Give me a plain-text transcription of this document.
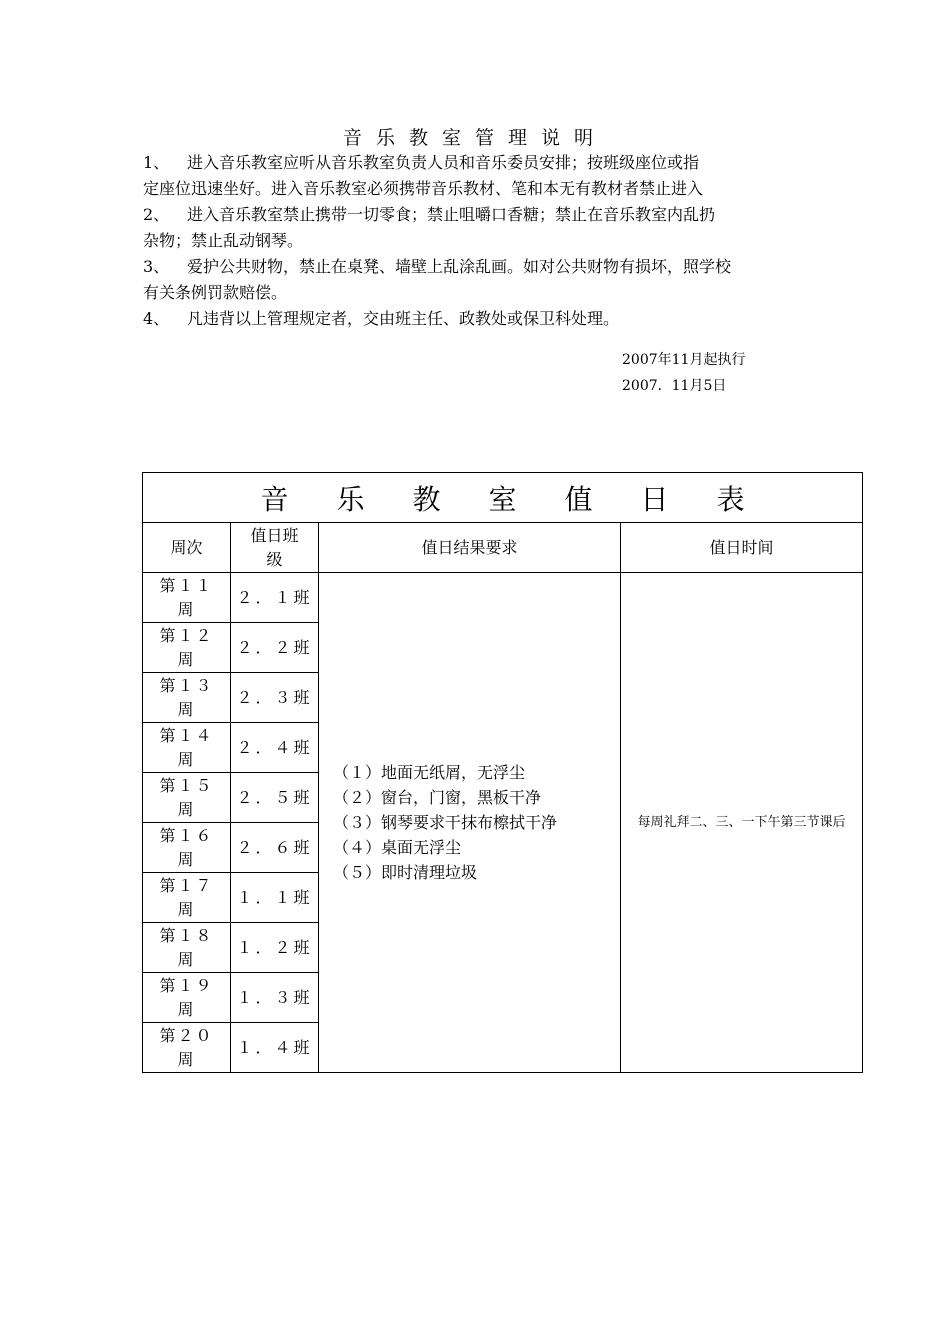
音乐教室管理说明

1、 进入音乐教室应听从音乐教室负责人员和音乐委员安排；按班级座位或指

定座位迅速坐好。进入音乐教室必须携带音乐教材、笔和本无有教材者禁止进入

2、 进入音乐教室禁止携带一切零食；禁止咀嚼口香糖；禁止在音乐教室内乱扔

杂物；禁止乱动钢琴。

3、 爱护公共财物，禁止在桌凳、墙壁上乱涂乱画。如对公共财物有损坏，照学校

有关条例罚款赔偿。

4、 凡违背以上管理规定者，交由班主任、政教处或保卫科处理。

2007年11月起执行
2007．11月5日
音乐教室值日表			
周次	值日班级	值日结果要求	值日时间
第１１周	２．１班	（１）地面无纸屑，无浮尘
（２）窗台，门窗，黑板干净
（３）钢琴要求干抹布檫拭干净
（４）桌面无浮尘
（５）即时清理垃圾	每周礼拜二、三、一下午第三节课后
第１２周	２．２班		
第１３周	２．３班		
第１４周	２．４班		
第１５周	２．５班		
第１６周	２．６班		
第１７周	１．１班		
第１８周	１．２班		
第１９周	１．３班		
第２０周	１．４班		
